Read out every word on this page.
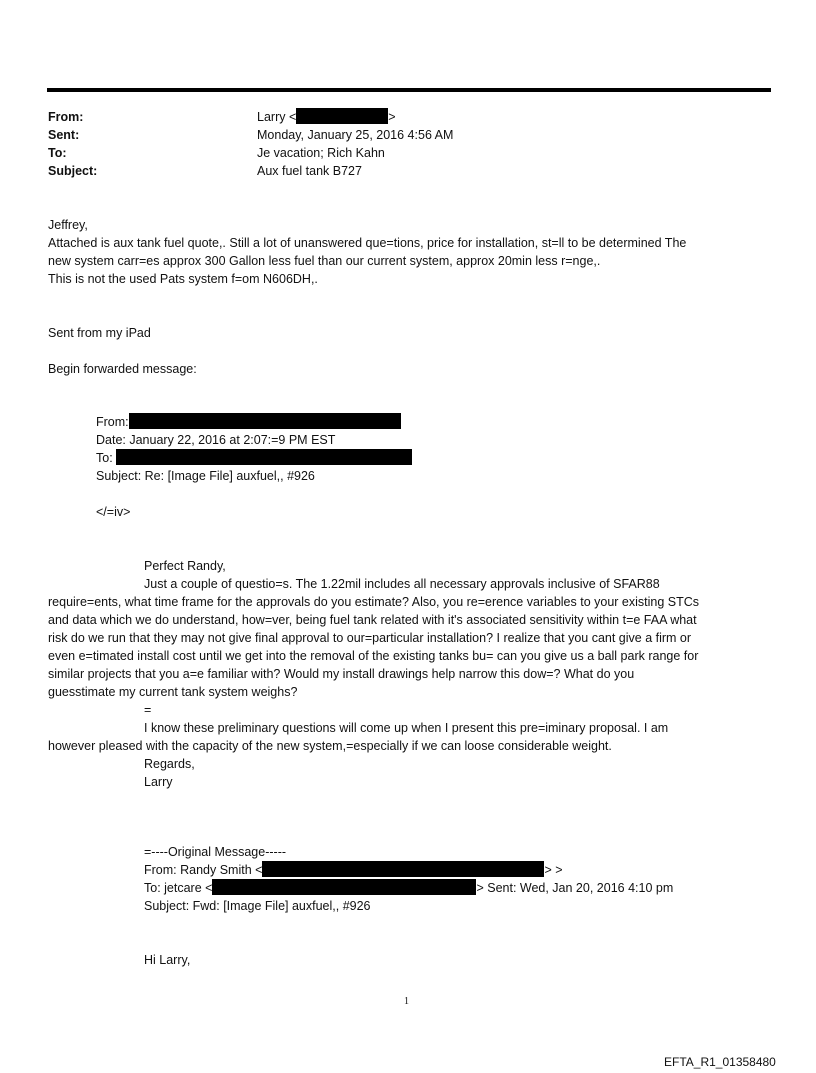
From:	Larry <	>
Sent:	Monday, January 25, 2016 4:56 AM
To:	Je vacation; Rich Kahn
Subject:	Aux fuel tank B727
Jeffrey,
Attached is aux tank fuel quote,. Still a lot of unanswered que=tions, price for installation, st=ll to be determined The
new system carr=es approx 300 Gallon less fuel than our current system, approx 20min less r=nge,.
This is not the used Pats system f=om N606DH,.
Sent from my iPad
Begin forwarded message:
From:
Date: January 22, 2016 at 2:07:=9 PM EST
To:
Subject: Re: [Image File] auxfuel,, #926
</=iv>
Perfect Randy,
Just a couple of questio=s. The 1.22mil includes all necessary approvals inclusive of SFAR88
require=ents, what time frame for the approvals do you estimate? Also, you re=erence variables to your existing STCs
and data which we do understand, how=ver, being fuel tank related with it's associated sensitivity within t=e FAA what
risk do we run that they may not give final approval to our=particular installation? I realize that you cant give a firm or
even e=timated install cost until we get into the removal of the existing tanks bu= can you give us a ball park range for
similar projects that you a=e familiar with? Would my install drawings help narrow this dow=? What do you
guesstimate my current tank system weighs?
=
I know these preliminary questions will come up when I present this pre=iminary proposal. I am
however pleased with the capacity of the new system,=especially if we can loose considerable weight.
Regards,
Larry
=----Original Message-----
From: Randy Smith <	> >
To: jetcare <	> Sent: Wed, Jan 20, 2016 4:10 pm
Subject: Fwd: [Image File] auxfuel,, #926
Hi Larry,
1
EFTA_R1_01358480
